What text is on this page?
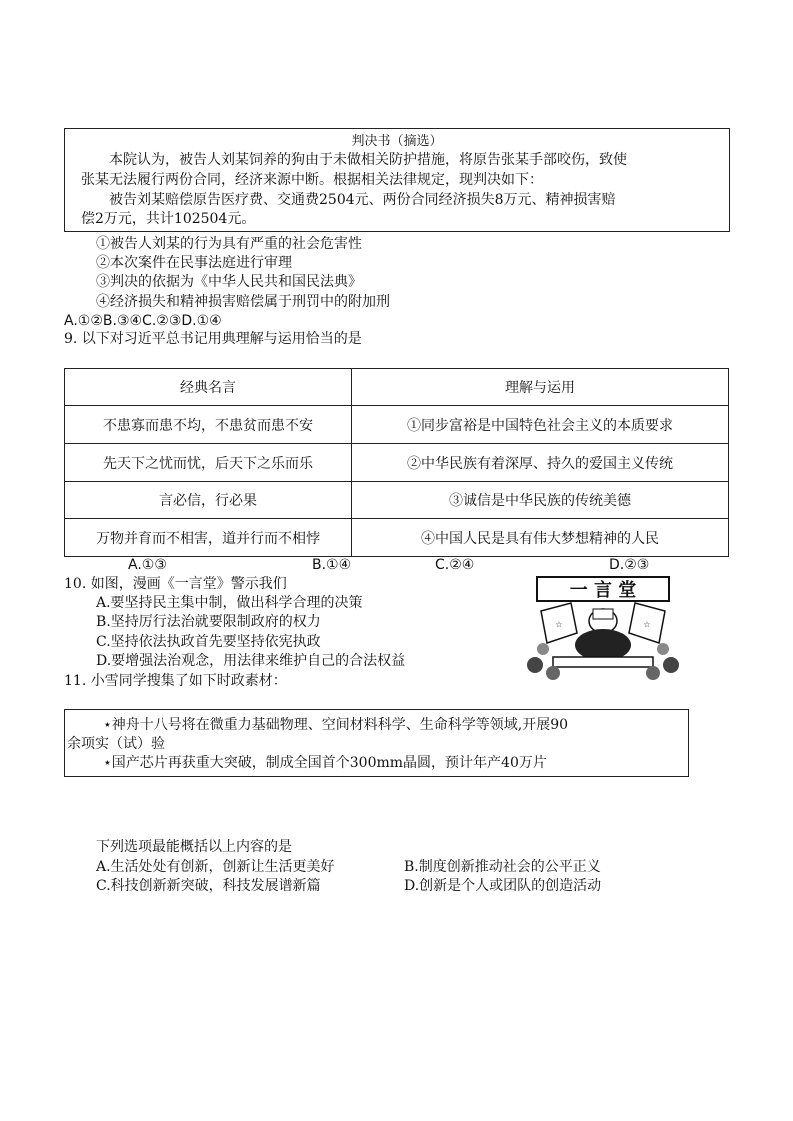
判决书（摘选）
本院认为，被告人刘某饲养的狗由于未做相关防护措施，将原告张某手部咬伤，致使
张某无法履行两份合同，经济来源中断。根据相关法律规定，现判决如下：
被告刘某赔偿原告医疗费、交通费2504元、两份合同经济损失8万元、精神损害赔
偿2万元，共计102504元。
①被告人刘某的行为具有严重的社会危害性
②本次案件在民事法庭进行审理
③判决的依据为《中华人民共和国民法典》
④经济损失和精神损害赔偿属于刑罚中的附加刑
A.①②B.③④C.②③D.①④
9. 以下对习近平总书记用典理解与运用恰当的是
经典名言	理解与运用
不患寡而患不均，不患贫而患不安	①同步富裕是中国特色社会主义的本质要求
先天下之忧而忧，后天下之乐而乐	②中华民族有着深厚、持久的爱国主义传统
言必信，行必果	③诚信是中华民族的传统美德
万物并育而不相害，道并行而不相悖	④中国人民是具有伟大梦想精神的人民
A.①③	B.①④	C.②④	D.②③
10. 如图，漫画《一言堂》警示我们
A.要坚持民主集中制，做出科学合理的决策
B.坚持厉行法治就要限制政府的权力
C.坚持依法执政首先要坚持依宪执政
D.要增强法治观念，用法律来维护自己的合法权益
一 言 堂
☆	☆
11. 小雪同学搜集了如下时政素材：
⋆神舟十八号将在微重力基础物理、空间材料科学、生命科学等领域,开展90
余项实（试）验
⋆国产芯片再获重大突破，制成全国首个300mm晶圆，预计年产40万片
下列选项最能概括以上内容的是
A.生活处处有创新，创新让生活更美好	B.制度创新推动社会的公平正义
C.科技创新新突破，科技发展谱新篇	D.创新是个人或团队的创造活动
